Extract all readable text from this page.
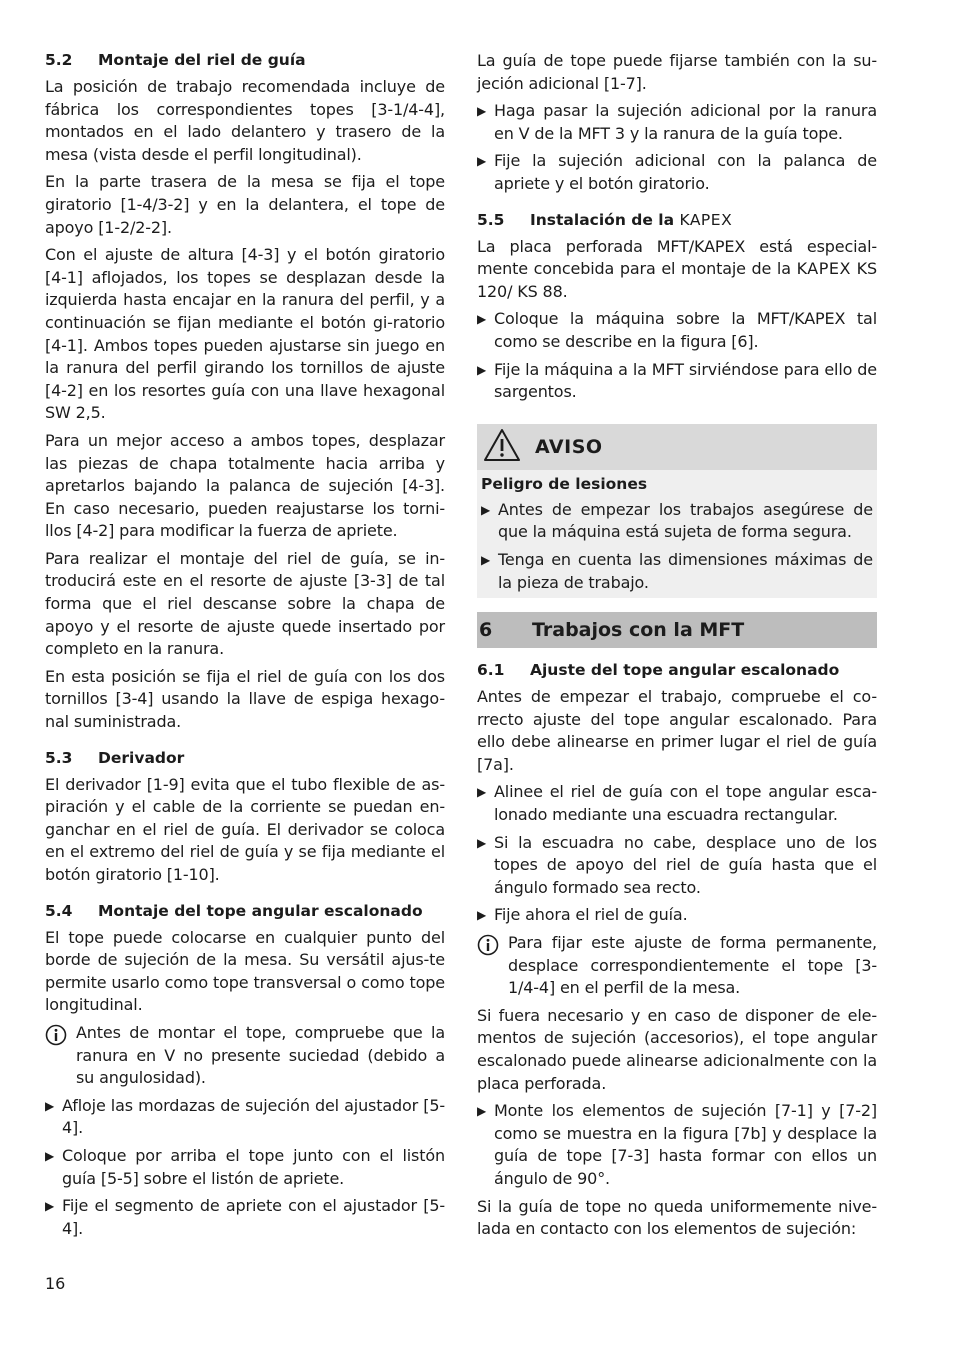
5.2	Montaje del riel de guía

La posición de trabajo recomendada incluye de fábrica los correspondientes topes [3-1/4-4], montados en el lado delantero y trasero de la mesa (vista desde el perfil longitudinal).

En la parte trasera de la mesa se fija el tope giratorio [1-4/3-2] y en la delantera, el tope de apoyo [1-2/2-2].

Con el ajuste de altura [4-3] y el botón giratorio [4-1] aflojados, los topes se desplazan desde la izquierda hasta encajar en la ranura del perfil, y a continuación se fijan mediante el botón gi-ratorio [4-1]. Ambos topes pueden ajustarse sin juego en la ranura del perfil girando los tornillos de ajuste [4-2] en los resortes guía con una llave hexagonal SW 2,5.

Para un mejor acceso a ambos topes, desplazar las piezas de chapa totalmente hacia arriba y apretarlos bajando la palanca de sujeción [4-3]. En caso necesario, pueden reajustarse los torni-llos [4-2] para modificar la fuerza de apriete.

Para realizar el montaje del riel de guía, se in-troducirá este en el resorte de ajuste [3-3] de tal forma que el riel descanse sobre la chapa de apoyo y el resorte de ajuste quede insertado por completo en la ranura.

En esta posición se fija el riel de guía con los dos tornillos [3-4] usando la llave de espiga hexago-nal suministrada.

5.3	Derivador

El derivador [1-9] evita que el tubo flexible de as-piración y el cable de la corriente se puedan en-ganchar en el riel de guía. El derivador se coloca en el extremo del riel de guía y se fija mediante el botón giratorio [1-10].

5.4	Montaje del tope angular escalonado

El tope puede colocarse en cualquier punto del borde de sujeción de la mesa. Su versátil ajus-te permite usarlo como tope transversal o como tope longitudinal.

Antes de montar el tope, compruebe que la ranura en V no presente suciedad (debido a su angulosidad).
▶ Afloje las mordazas de sujeción del ajustador [5-4].
▶ Coloque por arriba el tope junto con el listón guía [5-5] sobre el listón de apriete.
▶ Fije el segmento de apriete con el ajustador [5-4].

La guía de tope puede fijarse también con la su-jeción adicional [1-7].

▶ Haga pasar la sujeción adicional por la ranura en V de la MFT 3 y la ranura de la guía tope.
▶ Fije la sujeción adicional con la palanca de apriete y el botón giratorio.
5.5	Instalación de la KAPEX

La placa perforada MFT/KAPEX está especial-mente concebida para el montaje de la KAPEX KS 120/ KS 88.

▶ Coloque la máquina sobre la MFT/KAPEX tal como se describe en la figura [6].
▶ Fije la máquina a la MFT sirviéndose para ello de sargentos.
AVISO
Peligro de lesiones
▶ Antes de empezar los trabajos asegúrese de que la máquina está sujeta de forma segura.
▶ Tenga en cuenta las dimensiones máximas de la pieza de trabajo.
6	Trabajos con la MFT
6.1	Ajuste del tope angular escalonado

Antes de empezar el trabajo, compruebe el co-rrecto ajuste del tope angular escalonado. Para ello debe alinearse en primer lugar el riel de guía [7a].

▶ Alinee el riel de guía con el tope angular esca-lonado mediante una escuadra rectangular.
▶ Si la escuadra no cabe, desplace uno de los topes de apoyo del riel de guía hasta que el ángulo formado sea recto.
▶ Fije ahora el riel de guía.
Para fijar este ajuste de forma permanente, desplace correspondientemente el tope [3-1/4-4] en el perfil de la mesa.

Si fuera necesario y en caso de disponer de ele-mentos de sujeción (accesorios), el tope angular escalonado puede alinearse adicionalmente con la placa perforada.

▶ Monte los elementos de sujeción [7-1] y [7-2] como se muestra en la figura [7b] y desplace la guía de tope [7-3] hasta formar con ellos un ángulo de 90°.

Si la guía de tope no queda uniformemente nive-lada en contacto con los elementos de sujeción:

16
